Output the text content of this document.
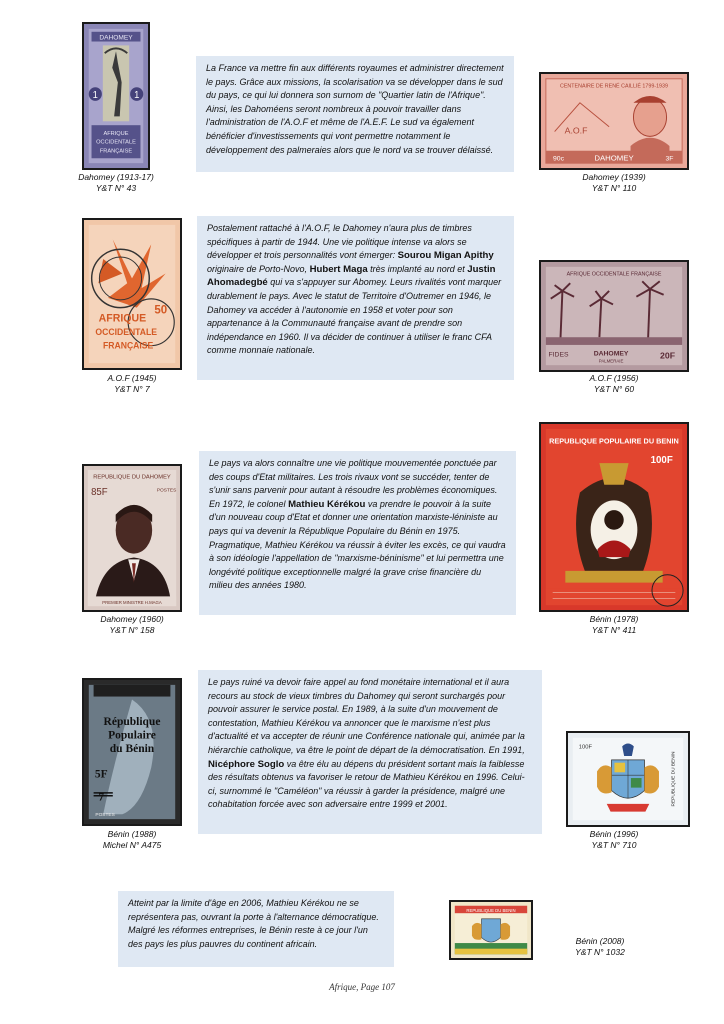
DAHOMEY
1	1
AFRIQUE
OCCIDENTALE
FRANÇAISE
Dahomey (1913-17)
Y&T N° 43
La France va mettre fin aux différents royaumes et administrer directement le pays. Grâce aux missions, la scolarisation va se développer dans le sud du pays, ce qui lui donnera son surnom de "Quartier latin de l'Afrique". Ainsi, les Dahoméens seront nombreux à pouvoir travailler dans l'administration de l'A.O.F et même de l'A.E.F. Le sud va également bénéficier d'investissements qui vont permettre notamment le développement des palmeraies alors que le nord va se trouver délaissé.
CENTENAIRE DE RENÉ CAILLIÉ 1799-1939
A.O.F
90c	DAHOMEY	3F
Dahomey (1939)
Y&T N° 110
AFRIQUE
OCCIDENTALE
FRANÇAISE
50
A.O.F (1945)
Y&T N° 7
Postalement rattaché à l'A.O.F, le Dahomey n'aura plus de timbres spécifiques à partir de 1944. Une vie politique intense va alors se développer et trois personnalités vont émerger: Sourou Migan Apithy originaire de Porto-Novo, Hubert Maga très implanté au nord et Justin Ahomadegbé qui va s'appuyer sur Abomey. Leurs rivalités vont marquer durablement le pays. Avec le statut de Territoire d'Outremer en 1946, le Dahomey va accéder à l'autonomie en 1958 et voter pour son appartenance à la Communauté française avant de prendre son indépendance en 1960. Il va décider de continuer à utiliser le franc CFA comme monnaie nationale.
AFRIQUE OCCIDENTALE FRANÇAISE
FIDES	DAHOMEY
PALMERAIE
20F
A.O.F (1956)
Y&T N° 60
REPUBLIQUE DU DAHOMEY
85F	POSTES
PREMIER MINISTRE H.MAGA
Dahomey (1960)
Y&T N° 158
Le pays va alors connaître une vie politique mouvementée ponctuée par des coups d'Etat militaires. Les trois rivaux vont se succéder, tenter de s'unir sans parvenir pour autant à résoudre les problèmes économiques. En 1972, le colonel Mathieu Kérékou va prendre le pouvoir à la suite d'un nouveau coup d'Etat et donner une orientation marxiste-léniniste au pays qui va devenir la République Populaire du Bénin en 1975. Pragmatique, Mathieu Kérékou va réussir à éviter les excès, ce qui vaudra à son idéologie l'appellation de "marxisme-béninisme" et lui permettra une longévité politique exceptionnelle malgré la grave crise financière du milieu des années 1980.
REPUBLIQUE POPULAIRE DU BENIN
100F
Bénin (1978)
Y&T N° 411
République
Populaire
du Bénin
5F
7
POSTES
Bénin (1988)
Michel N° A475
Le pays ruiné va devoir faire appel au fond monétaire international et il aura recours au stock de vieux timbres du Dahomey qui seront surchargés pour pouvoir assurer le service postal. En 1989, à la suite d'un mouvement de contestation, Mathieu Kérékou va annoncer que le marxisme n'est plus d'actualité et va accepter de réunir une Conférence nationale qui, animée par la hiérarchie catholique, va être le point de départ de la démocratisation. En 1991, Nicéphore Soglo va être élu au dépens du président sortant mais la faiblesse des résultats obtenus va favoriser le retour de Mathieu Kérékou en 1996. Celui-ci, surnommé le "Caméléon" va réussir à garder la présidence, malgré une cohabitation forcée avec son adversaire entre 1999 et 2001.
100F
REPUBLIQUE DU BENIN
Bénin (1996)
Y&T N° 710
Atteint par la limite d'âge en 2006, Mathieu Kérékou ne se représentera pas, ouvrant la porte à l'alternance démocratique. Malgré les réformes entreprises, le Bénin reste à ce jour l'un des pays les plus pauvres du continent africain.
REPUBLIQUE DU BENIN
Bénin (2008)
Y&T N° 1032
Afrique, Page 107
